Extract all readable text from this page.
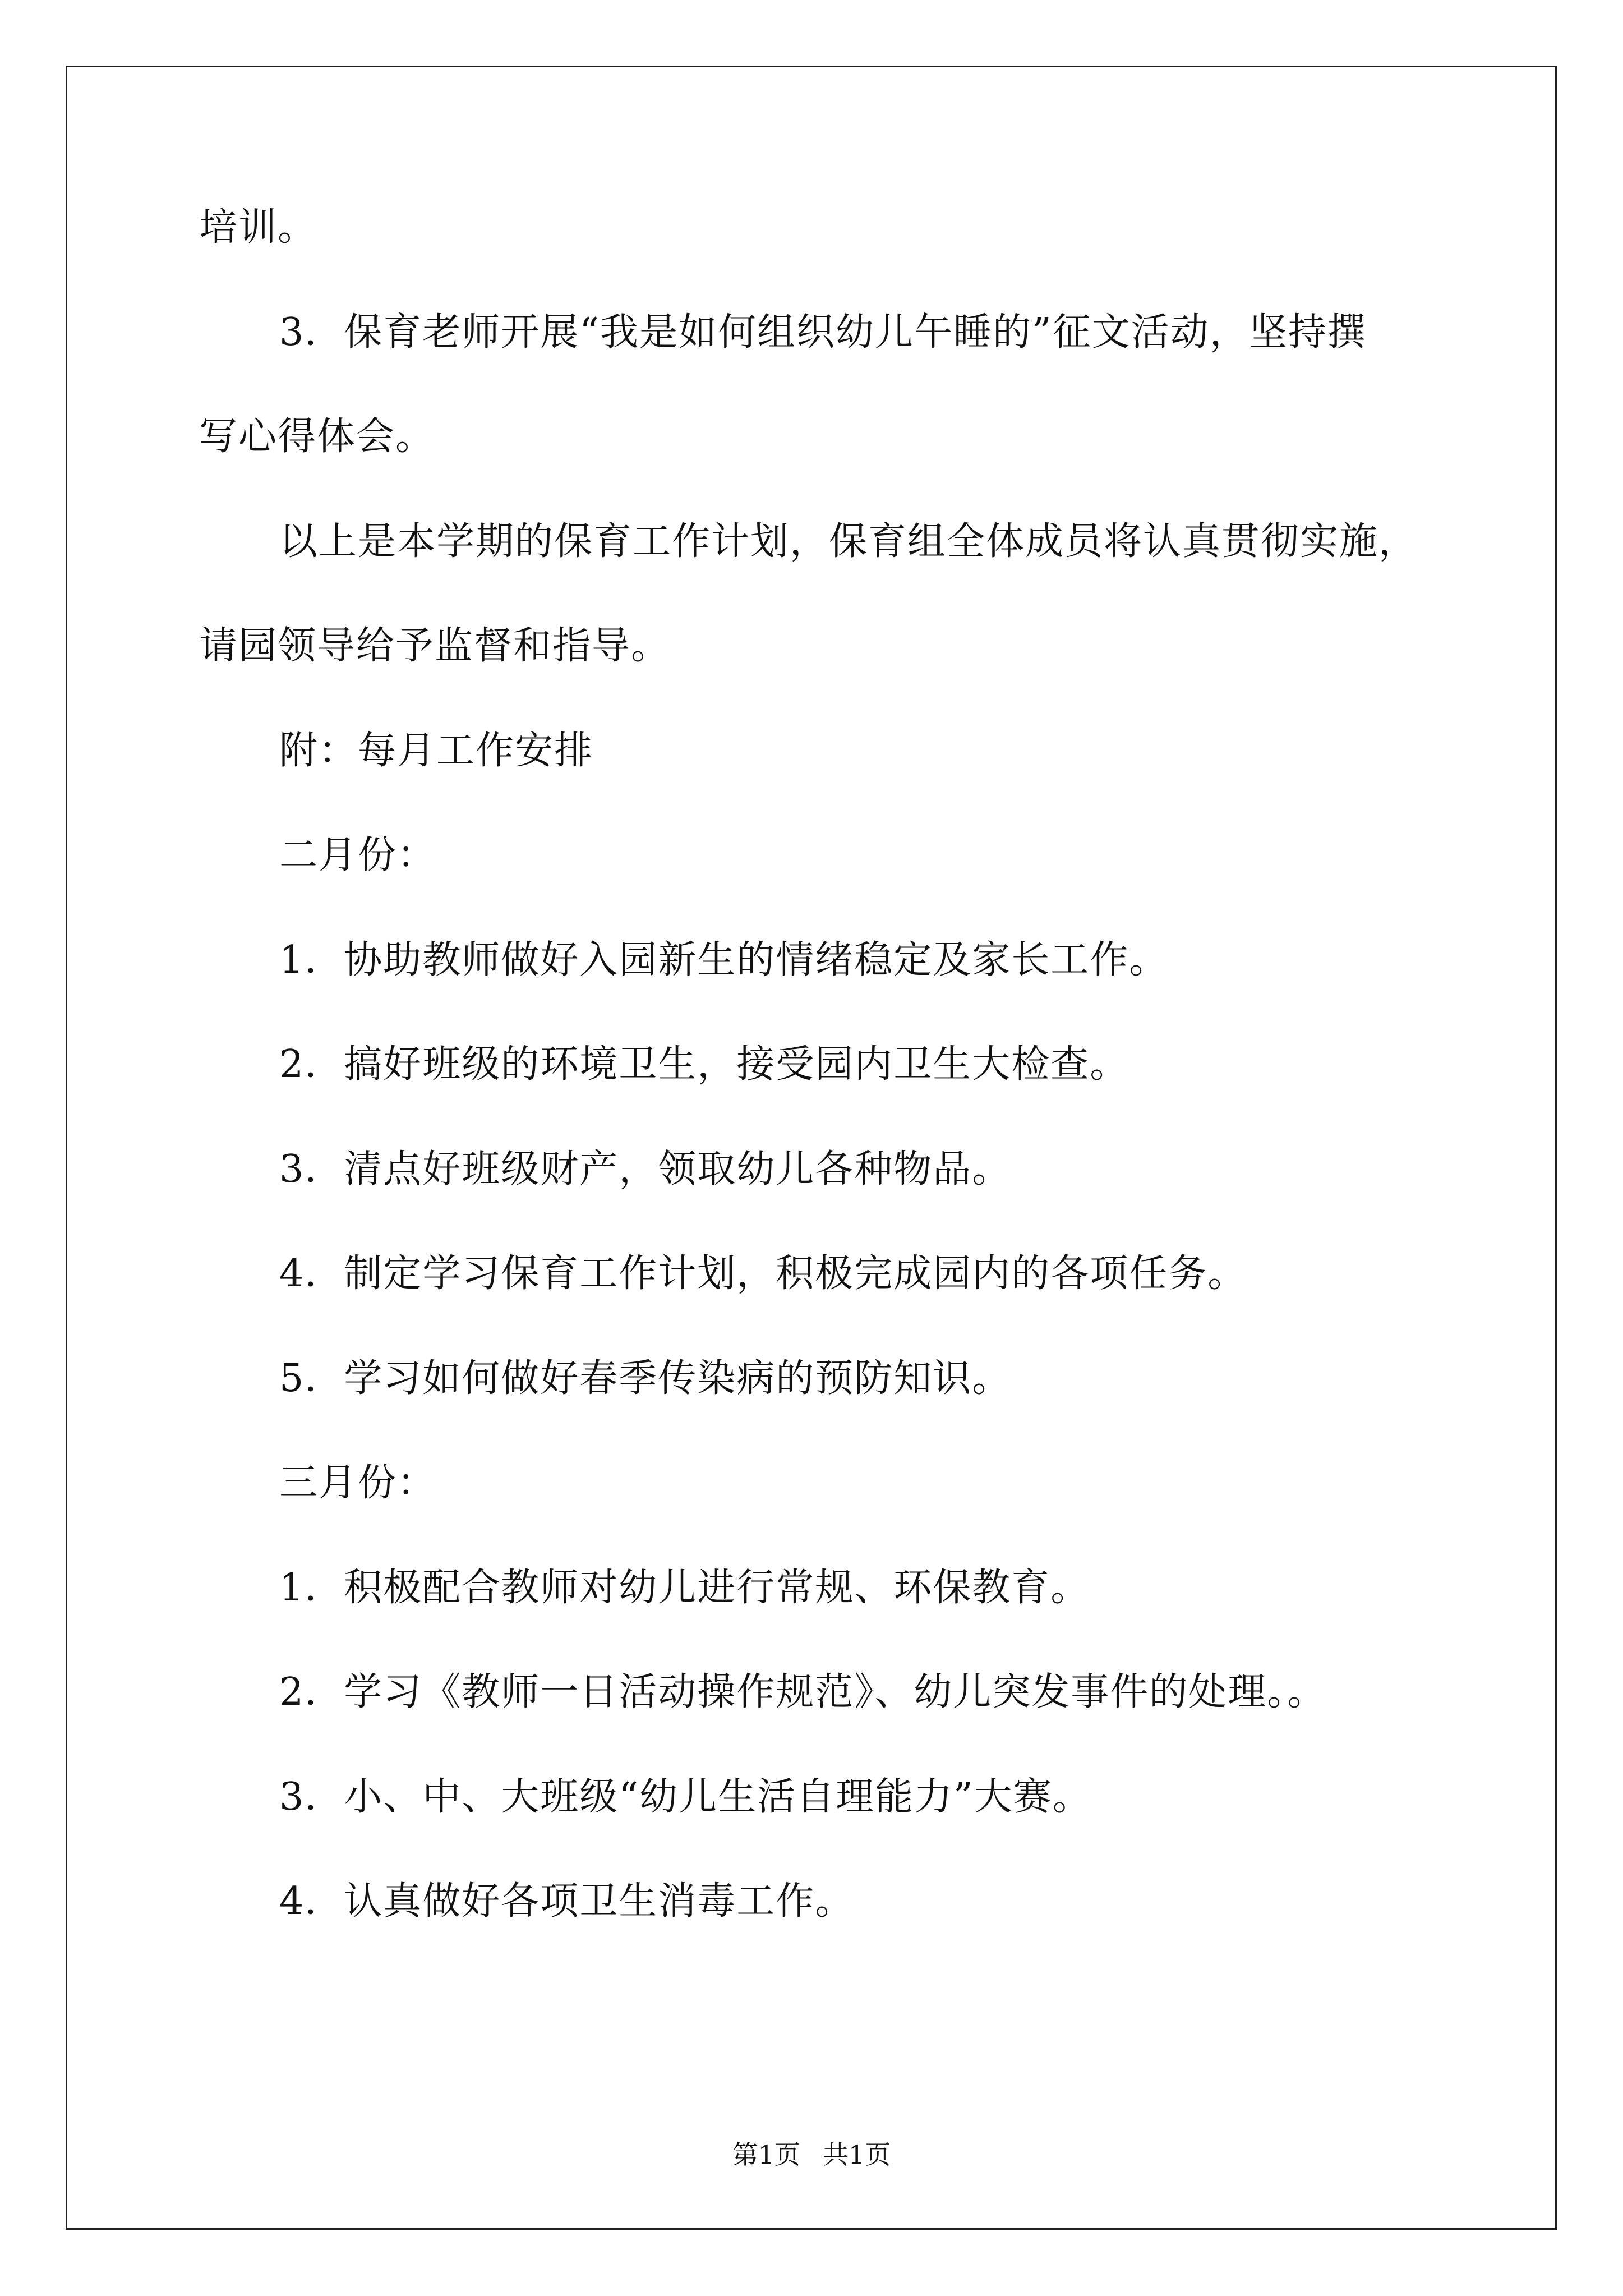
培训。

3．保育老师开展“我是如何组织幼儿午睡的”征文活动，坚持撰

写心得体会。

以上是本学期的保育工作计划，保育组全体成员将认真贯彻实施，

请园领导给予监督和指导。

附：每月工作安排

二月份：

1．协助教师做好入园新生的情绪稳定及家长工作。

2．搞好班级的环境卫生，接受园内卫生大检查。

3．清点好班级财产，领取幼儿各种物品。

4．制定学习保育工作计划，积极完成园内的各项任务。

5．学习如何做好春季传染病的预防知识。

三月份：

1．积极配合教师对幼儿进行常规、环保教育。

2．学习《教师一日活动操作规范》、幼儿突发事件的处理。。

3．小、中、大班级“幼儿生活自理能力”大赛。

4．认真做好各项卫生消毒工作。

第1页 共1页
